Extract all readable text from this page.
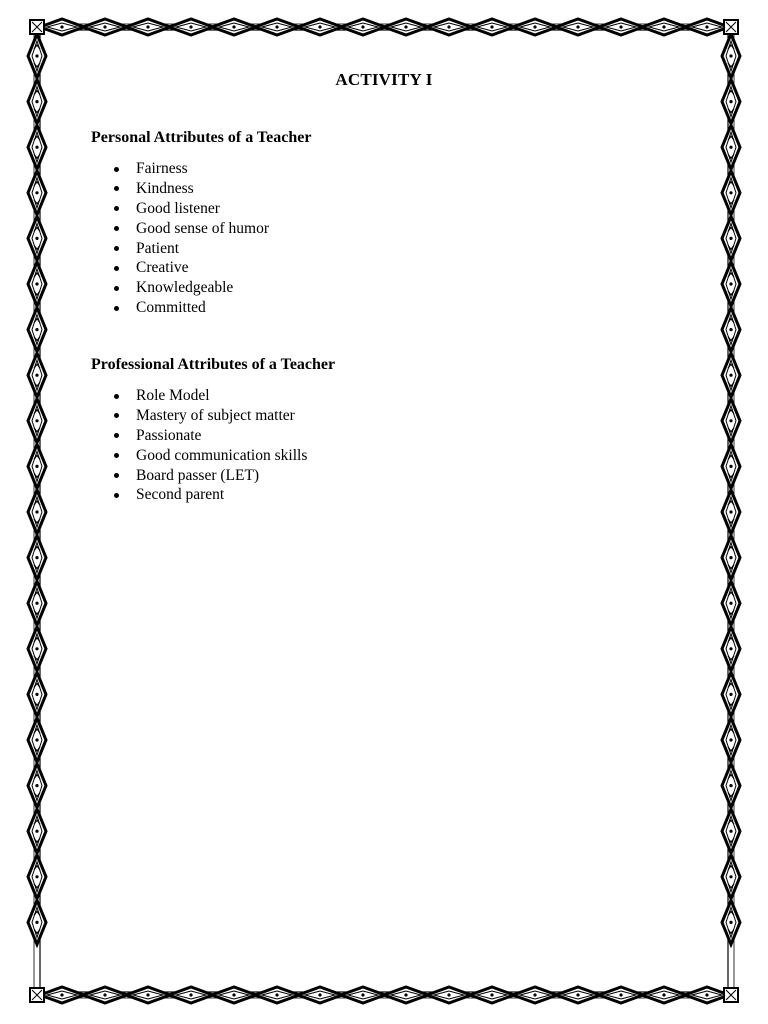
ACTIVITY I
Personal Attributes of a Teacher
Fairness
Kindness
Good listener
Good sense of humor
Patient
Creative
Knowledgeable
Committed
Professional Attributes of a Teacher
Role Model
Mastery of subject matter
Passionate
Good communication skills
Board passer (LET)
Second parent
